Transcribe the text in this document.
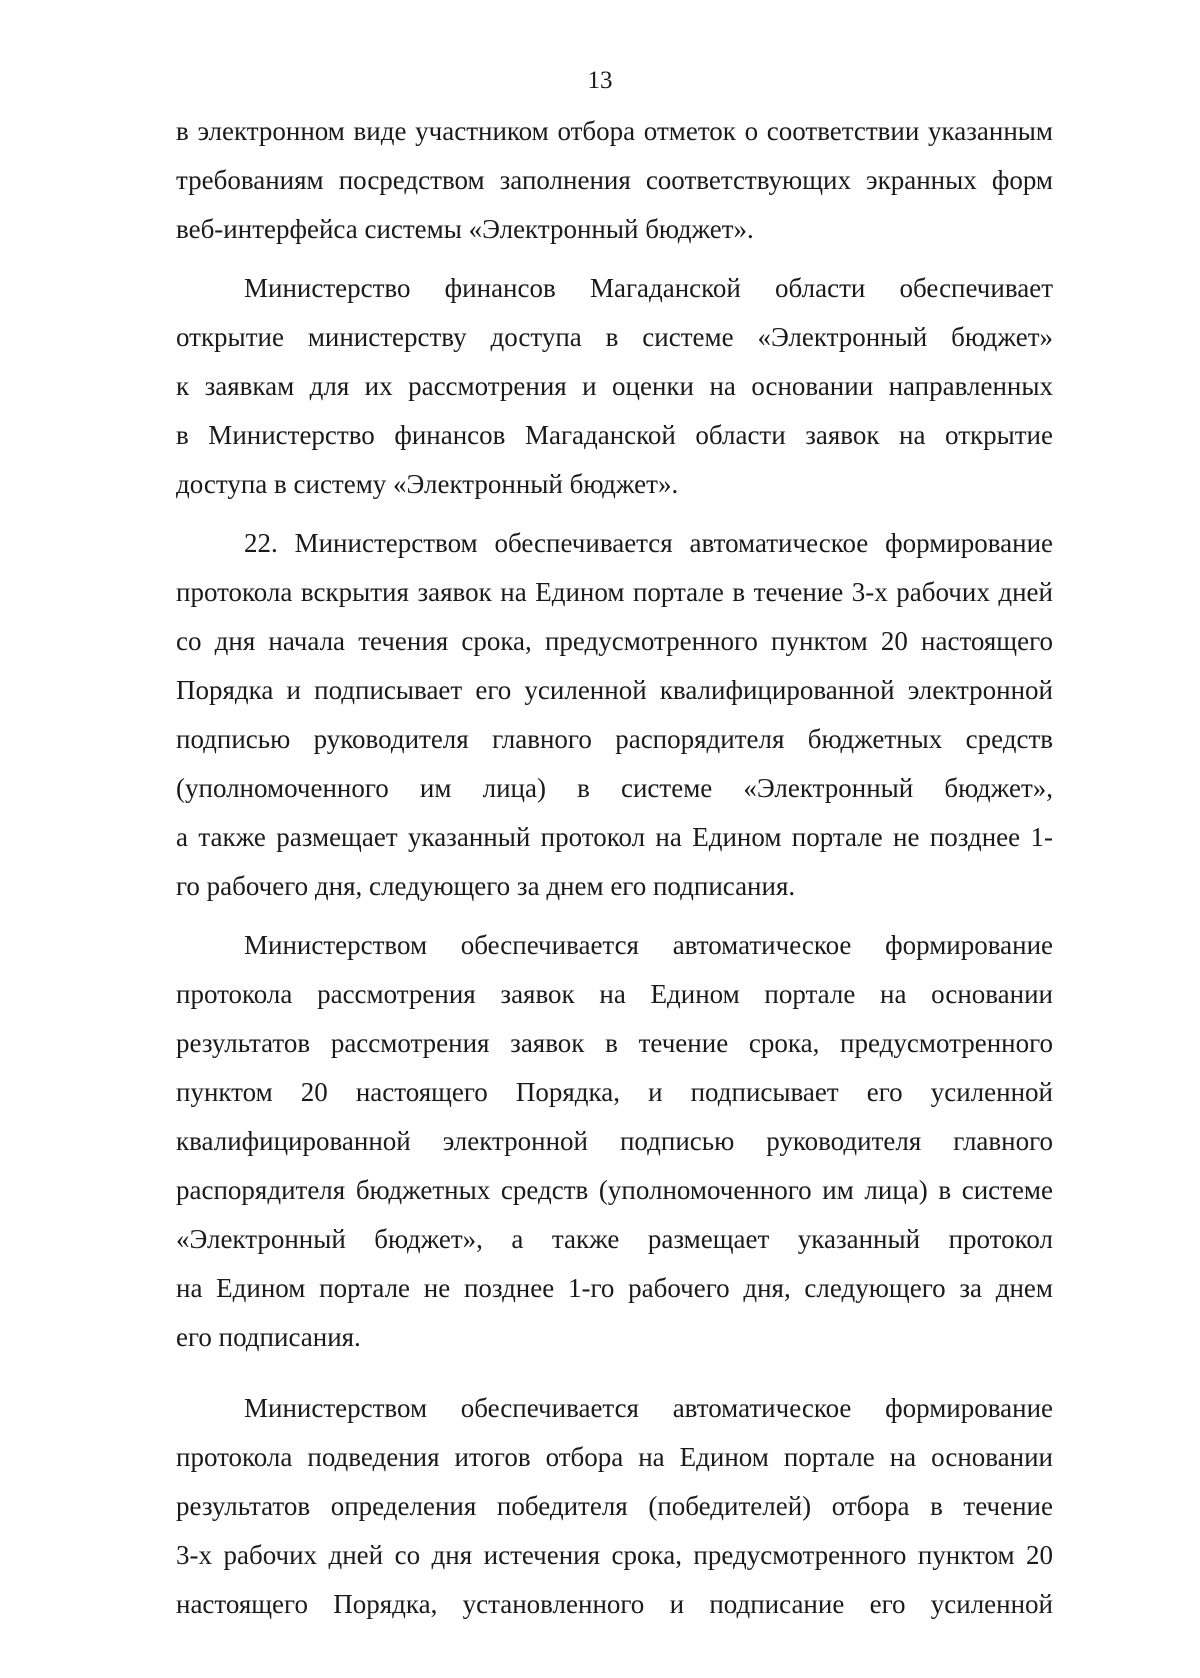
13
в электронном виде участником отбора отметок о соответствии указанным
требованиям посредством заполнения соответствующих экранных форм
веб-интерфейса системы «Электронный бюджет».
Министерство финансов Магаданской области обеспечивает
открытие министерству доступа в системе «Электронный бюджет»
к заявкам для их рассмотрения и оценки на основании направленных
в Министерство финансов Магаданской области заявок на открытие
доступа в систему «Электронный бюджет».
22. Министерством обеспечивается автоматическое формирование
протокола вскрытия заявок на Едином портале в течение 3-х рабочих дней
со дня начала течения срока, предусмотренного пунктом 20 настоящего
Порядка и подписывает его усиленной квалифицированной электронной
подписью руководителя главного распорядителя бюджетных средств
(уполномоченного им лица) в системе «Электронный бюджет»,
а также размещает указанный протокол на Едином портале не позднее 1-
го рабочего дня, следующего за днем его подписания.
Министерством обеспечивается автоматическое формирование
протокола рассмотрения заявок на Едином портале на основании
результатов рассмотрения заявок в течение срока, предусмотренного
пунктом 20 настоящего Порядка, и подписывает его усиленной
квалифицированной электронной подписью руководителя главного
распорядителя бюджетных средств (уполномоченного им лица) в системе
«Электронный бюджет», а также размещает указанный протокол
на Едином портале не позднее 1-го рабочего дня, следующего за днем
его подписания.
Министерством обеспечивается автоматическое формирование
протокола подведения итогов отбора на Едином портале на основании
результатов определения победителя (победителей) отбора в течение
3-х рабочих дней со дня истечения срока, предусмотренного пунктом 20
настоящего Порядка, установленного и подписание его усиленной
